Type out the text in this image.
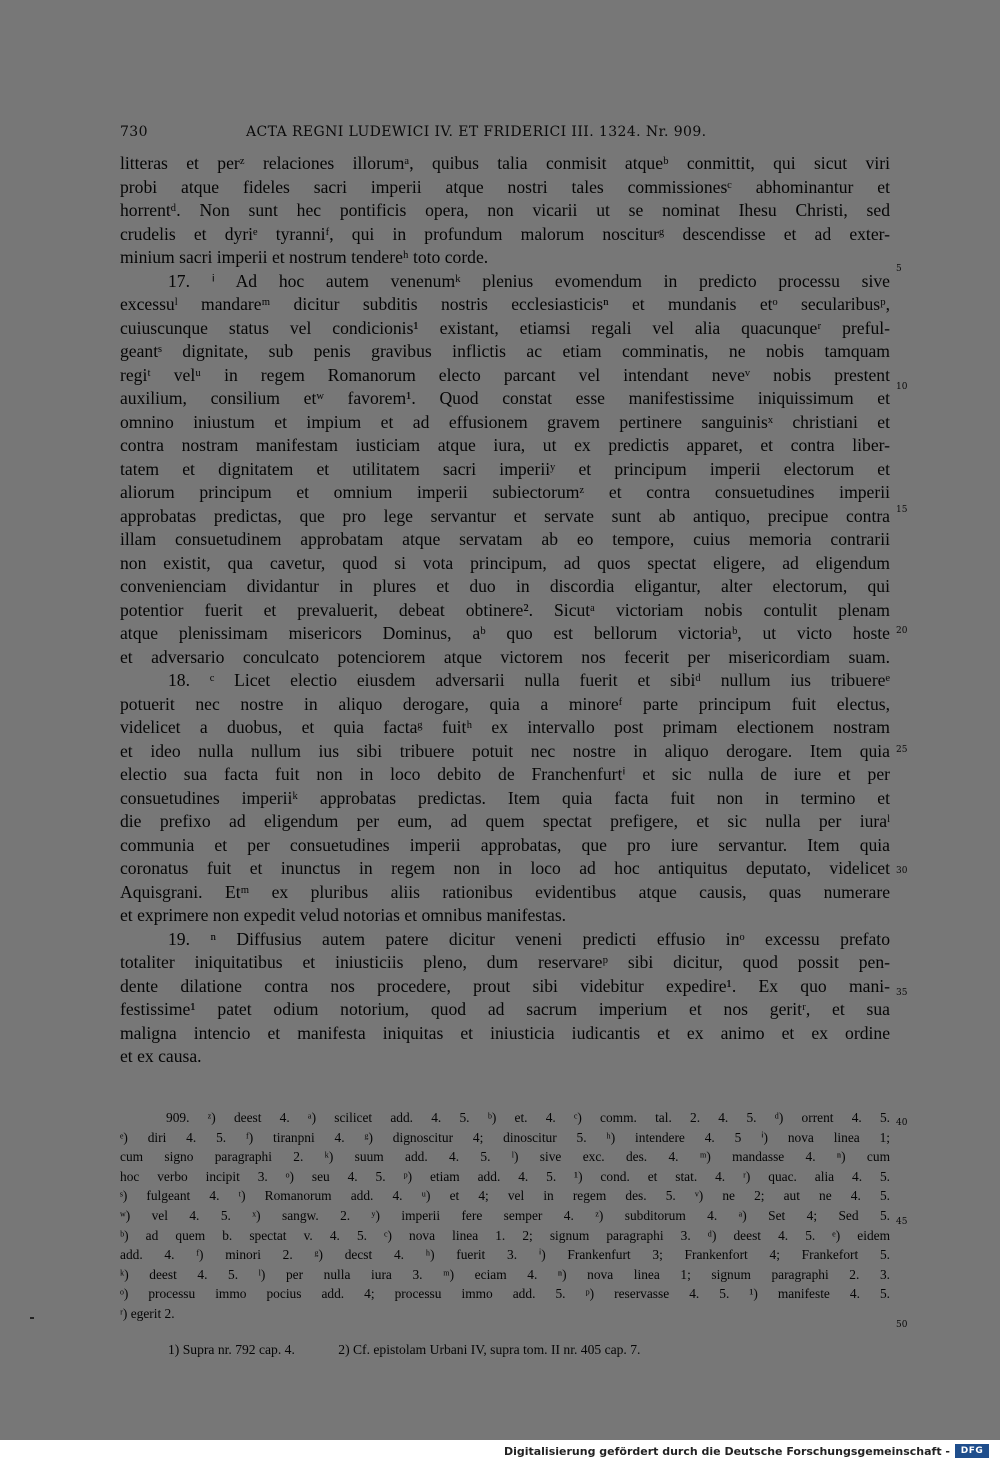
730	ACTA REGNI LUDEWICI IV. ET FRIDERICI III. 1324. Nr. 909.
litteras et perᶻ relaciones illorumᵃ, quibus talia conmisit atqueᵇ conmittit, qui sicut viri
probi atque fideles sacri imperii atque nostri tales commissionesᶜ abhominantur et
horrentᵈ. Non sunt hec pontificis opera, non vicarii ut se nominat Ihesu Christi, sed
crudelis et dyriᵉ tyranniᶠ, qui in profundum malorum nosciturᵍ descendisse et ad exter-
minium sacri imperii et nostrum tendereʰ toto corde.
17. ⁱ Ad hoc autem venenumᵏ plenius evomendum in predicto processu sive
excessuˡ mandareᵐ dicitur subditis nostris ecclesiasticisⁿ et mundanis etᵒ secularibusᵖ,
cuiuscunque status vel condicionis¹ existant, etiamsi regali vel alia quacunqueʳ preful-
geantˢ dignitate, sub penis gravibus inflictis ac etiam comminatis, ne nobis tamquam
regiᵗ velᵘ in regem Romanorum electo parcant vel intendant neveᵛ nobis prestent
auxilium, consilium etʷ favorem¹. Quod constat esse manifestissime iniquissimum et
omnino iniustum et impium et ad effusionem gravem pertinere sanguinisˣ christiani et
contra nostram manifestam iusticiam atque iura, ut ex predictis apparet, et contra liber-
tatem et dignitatem et utilitatem sacri imperiiʸ et principum imperii electorum et
aliorum principum et omnium imperii subiectorumᶻ et contra consuetudines imperii
approbatas predictas, que pro lege servantur et servate sunt ab antiquo, precipue contra
illam consuetudinem approbatam atque servatam ab eo tempore, cuius memoria contrarii
non existit, qua cavetur, quod si vota principum, ad quos spectat eligere, ad eligendum
convenienciam dividantur in plures et duo in discordia eligantur, alter electorum, qui
potentior fuerit et prevaluerit, debeat obtinere². Sicutᵃ victoriam nobis contulit plenam
atque plenissimam misericors Dominus, aᵇ quo est bellorum victoriaᵇ, ut victo hoste
et adversario conculcato potenciorem atque victorem nos fecerit per misericordiam suam.
18. ᶜ Licet electio eiusdem adversarii nulla fuerit et sibiᵈ nullum ius tribuereᵉ
potuerit nec nostre in aliquo derogare, quia a minoreᶠ parte principum fuit electus,
videlicet a duobus, et quia factaᵍ fuitʰ ex intervallo post primam electionem nostram
et ideo nulla nullum ius sibi tribuere potuit nec nostre in aliquo derogare. Item quia
electio sua facta fuit non in loco debito de Franchenfurtⁱ et sic nulla de iure et per
consuetudines imperiiᵏ approbatas predictas. Item quia facta fuit non in termino et
die prefixo ad eligendum per eum, ad quem spectat prefigere, et sic nulla per iuraˡ
communia et per consuetudines imperii approbatas, que pro iure servantur. Item quia
coronatus fuit et inunctus in regem non in loco ad hoc antiquitus deputato, videlicet
Aquisgrani. Etᵐ ex pluribus aliis rationibus evidentibus atque causis, quas numerare
et exprimere non expedit velud notorias et omnibus manifestas.
19. ⁿ Diffusius autem patere dicitur veneni predicti effusio inᵒ excessu prefato
totaliter iniquitatibus et iniusticiis pleno, dum reservareᵖ sibi dicitur, quod possit pen-
dente dilatione contra nos procedere, prout sibi videbitur expedire¹. Ex quo mani-
festissime¹ patet odium notorium, quod ad sacrum imperium et nos geritʳ, et sua
maligna intencio et manifesta iniquitas et iniusticia iudicantis et ex animo et ex ordine
et ex causa.
5
10
15
20
25
30
35
40
45
50
909. ᶻ) deest 4. ᵃ) scilicet add. 4. 5. ᵇ) et. 4. ᶜ) comm. tal. 2. 4. 5. ᵈ) orrent 4. 5.
ᵉ) diri 4. 5. ᶠ) tiranpni 4. ᵍ) dignoscitur 4; dinoscitur 5. ʰ) intendere 4. 5 ⁱ) nova linea 1;
cum signo paragraphi 2. ᵏ) suum add. 4. 5. ˡ) sive exc. des. 4. ᵐ) mandasse 4. ⁿ) cum
hoc verbo incipit 3. ᵒ) seu 4. 5. ᵖ) etiam add. 4. 5. ¹) cond. et stat. 4. ʳ) quac. alia 4. 5.
ˢ) fulgeant 4. ᵗ) Romanorum add. 4. ᵘ) et 4; vel in regem des. 5. ᵛ) ne 2; aut ne 4. 5.
ʷ) vel 4. 5. ˣ) sangw. 2. ʸ) imperii fere semper 4. ᶻ) subditorum 4. ᵃ) Set 4; Sed 5.
ᵇ) ad quem b. spectat v. 4. 5. ᶜ) nova linea 1. 2; signum paragraphi 3. ᵈ) deest 4. 5. ᵉ) eidem
add. 4. ᶠ) minori 2. ᵍ) decst 4. ʰ) fuerit 3. ⁱ) Frankenfurt 3; Frankenfort 4; Frankefort 5.
ᵏ) deest 4. 5. ˡ) per nulla iura 3. ᵐ) eciam 4. ⁿ) nova linea 1; signum paragraphi 2. 3.
ᵒ) processu immo pocius add. 4; processu immo add. 5. ᵖ) reservasse 4. 5. ¹) manifeste 4. 5.
ʳ) egerit 2.
1) Supra nr. 792 cap. 4.	2) Cf. epistolam Urbani IV, supra tom. II nr. 405 cap. 7.
Digitalisierung gefördert durch die Deutsche Forschungsgemeinschaft -	DFG
